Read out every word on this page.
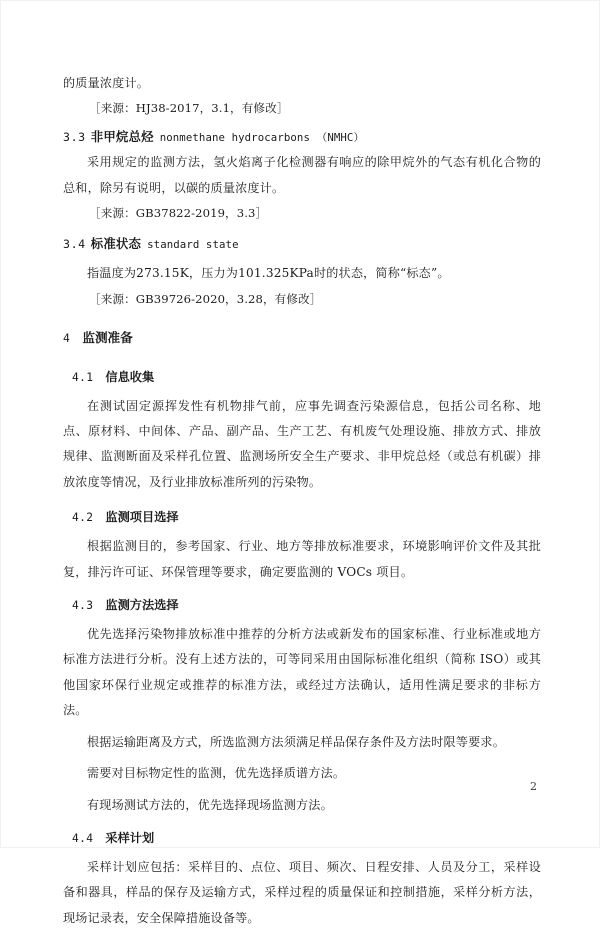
的质量浓度计。

［来源：HJ38-2017，3.1，有修改］

3.3 非甲烷总烃 nonmethane hydrocarbons （NMHC）

采用规定的监测方法，氢火焰离子化检测器有响应的除甲烷外的气态有机化合物的总和，除另有说明，以碳的质量浓度计。

［来源：GB37822-2019，3.3］

3.4 标准状态 standard state

指温度为273.15K，压力为101.325KPa时的状态，简称“标态”。

［来源：GB39726-2020，3.28，有修改］

4 监测准备

4.1 信息收集

在测试固定源挥发性有机物排气前，应事先调查污染源信息，包括公司名称、地点、原材料、中间体、产品、副产品、生产工艺、有机废气处理设施、排放方式、排放规律、监测断面及采样孔位置、监测场所安全生产要求、非甲烷总烃（或总有机碳）排放浓度等情况，及行业排放标准所列的污染物。

4.2 监测项目选择

根据监测目的，参考国家、行业、地方等排放标准要求，环境影响评价文件及其批复，排污许可证、环保管理等要求，确定要监测的 VOCs 项目。

4.3 监测方法选择

优先选择污染物排放标准中推荐的分析方法或新发布的国家标准、行业标准或地方标准方法进行分析。没有上述方法的，可等同采用由国际标准化组织（简称 ISO）或其他国家环保行业规定或推荐的标准方法，或经过方法确认，适用性满足要求的非标方法。

根据运输距离及方式，所选监测方法须满足样品保存条件及方法时限等要求。

需要对目标物定性的监测，优先选择质谱方法。

有现场测试方法的，优先选择现场监测方法。

4.4 采样计划

采样计划应包括：采样目的、点位、项目、频次、日程安排、人员及分工，采样设备和器具，样品的保存及运输方式，采样过程的质量保证和控制措施，采样分析方法，现场记录表，安全保障措施设备等。

2
